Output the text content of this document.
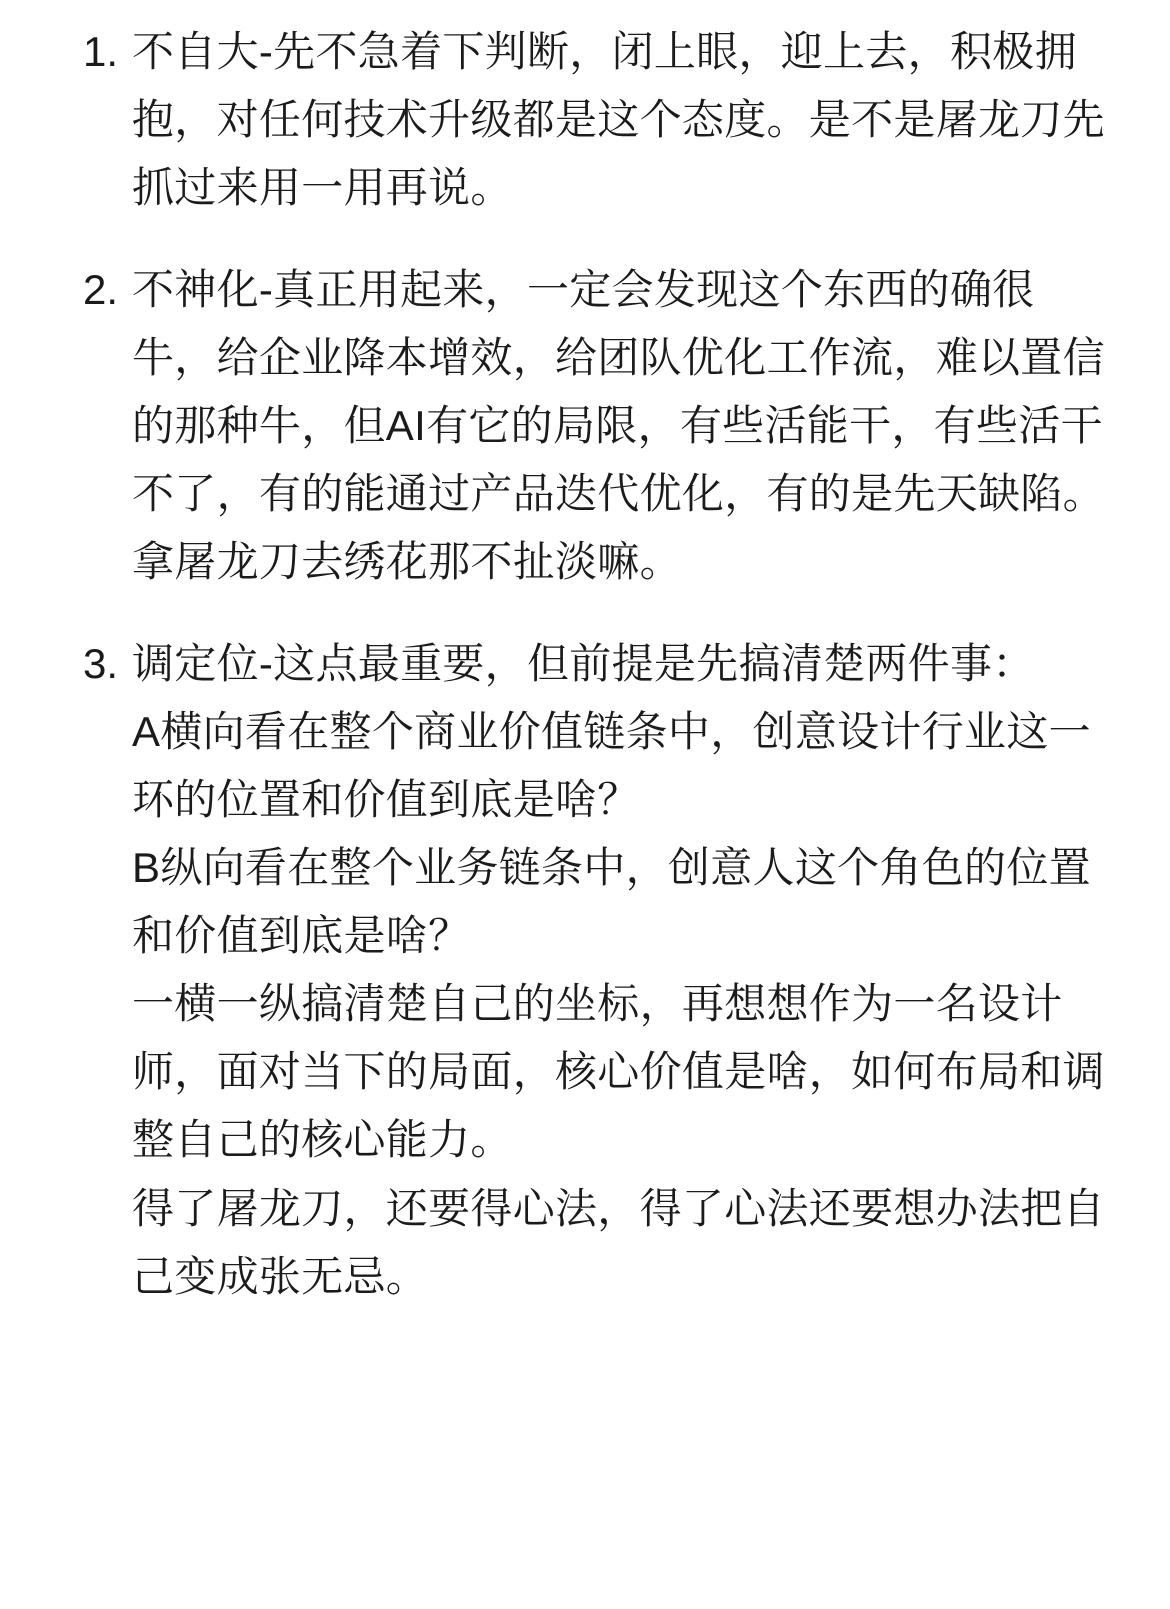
1. 不自大-先不急着下判断，闭上眼，迎上去，积极拥抱，对任何技术升级都是这个态度。是不是屠龙刀先抓过来用一用再说。

2. 不神化-真正用起来，一定会发现这个东西的确很牛，给企业降本增效，给团队优化工作流，难以置信的那种牛，但AI有它的局限，有些活能干，有些活干不了，有的能通过产品迭代优化，有的是先天缺陷。拿屠龙刀去绣花那不扯淡嘛。

3. 调定位-这点最重要，但前提是先搞清楚两件事：

A横向看在整个商业价值链条中，创意设计行业这一环的位置和价值到底是啥？

B纵向看在整个业务链条中，创意人这个角色的位置和价值到底是啥？

一横一纵搞清楚自己的坐标，再想想作为一名设计师，面对当下的局面，核心价值是啥，如何布局和调整自己的核心能力。

得了屠龙刀，还要得心法，得了心法还要想办法把自己变成张无忌。
